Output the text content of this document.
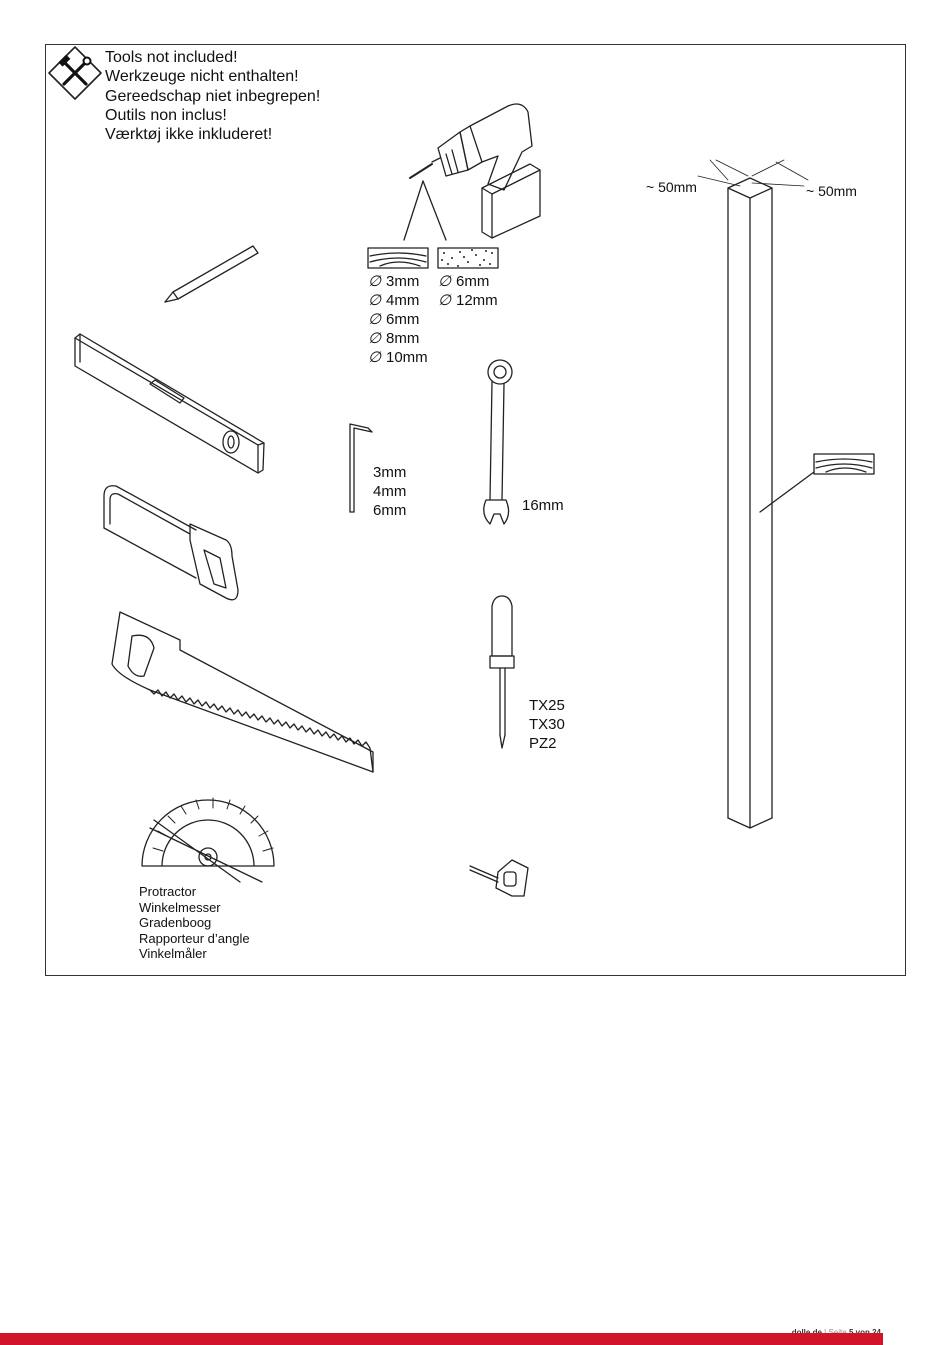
Tools not included!
Werkzeuge nicht enthalten!
Gereedschap niet inbegrepen!
Outils non inclus!
Værktøj ikke inkluderet!
∅ 3mm
∅ 4mm
∅ 6mm
∅ 8mm
∅ 10mm
∅ 6mm
∅ 12mm
3mm
4mm
6mm	16mm
TX25
TX30
PZ2
~ 50mm	~ 50mm
Protractor
Winkelmesser
Gradenboog
Rapporteur d’angle
Vinkelmåler
